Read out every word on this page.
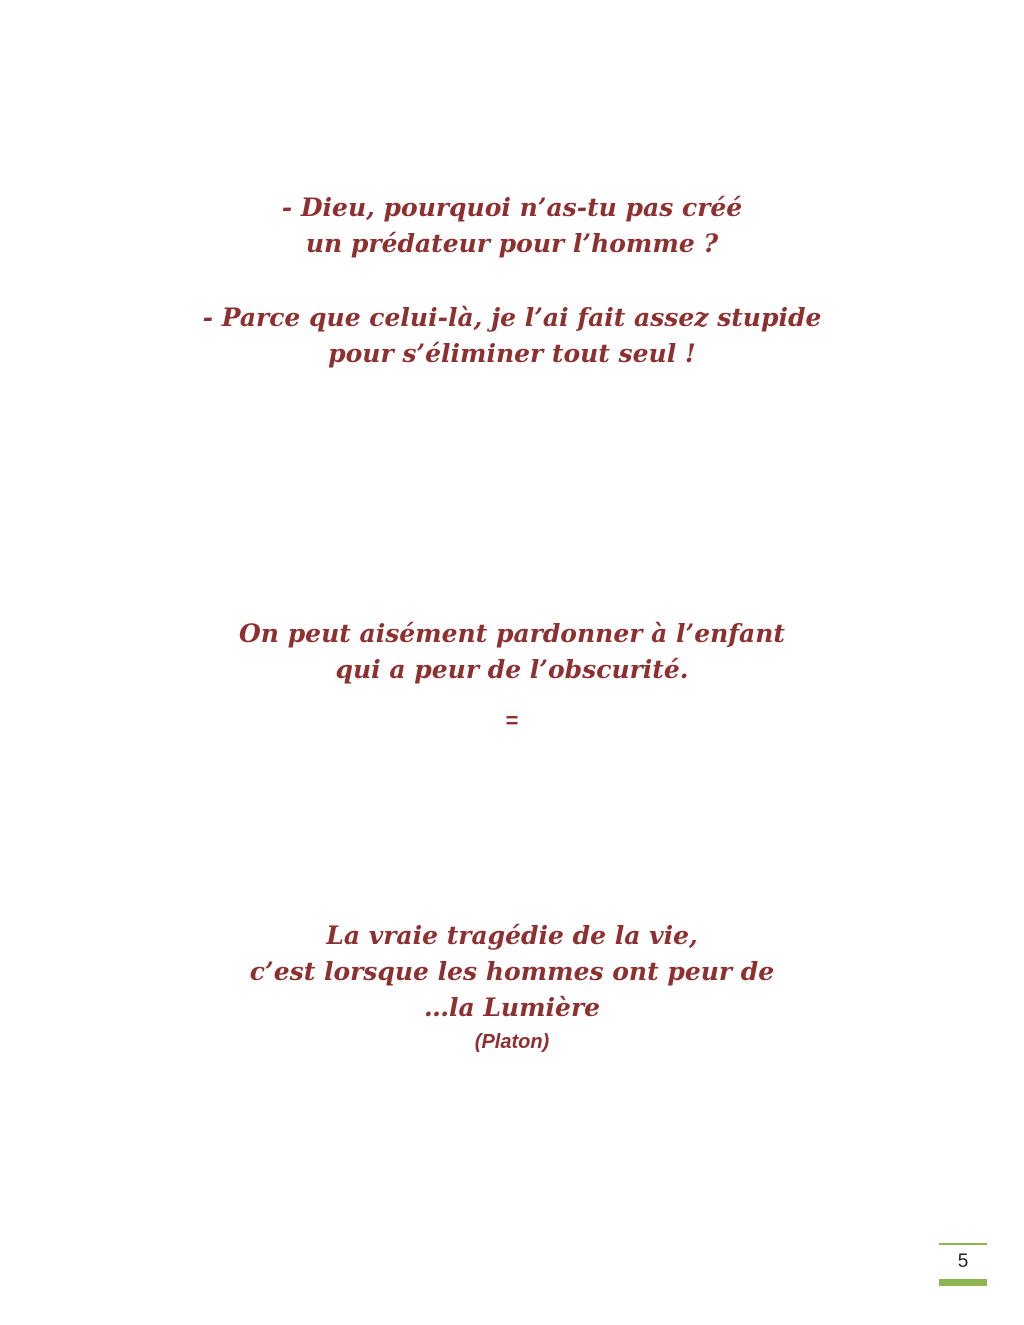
- Dieu, pourquoi n’as-tu pas créé
un prédateur pour l’homme ?
- Parce que celui-là, je l’ai fait assez stupide
pour s’éliminer tout seul !
On peut aisément pardonner à l’enfant
qui a peur de l’obscurité.
=
La vraie tragédie de la vie,
c’est lorsque les hommes ont peur de
…la Lumière
(Platon)
5
